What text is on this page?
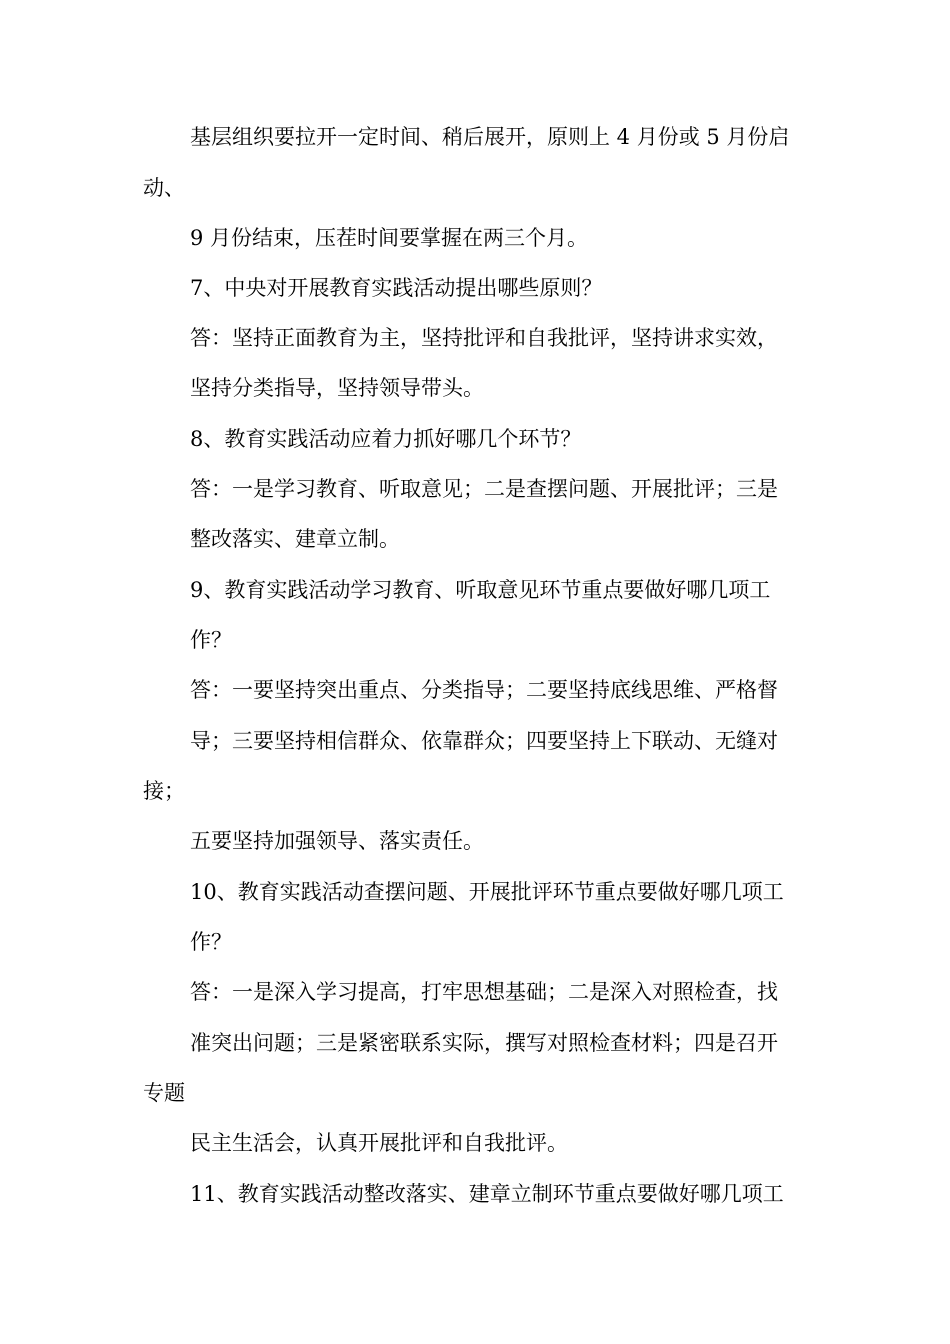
基层组织要拉开一定时间、稍后展开，原则上 4 月份或 5 月份启
动、
9 月份结束，压茬时间要掌握在两三个月。
7、中央对开展教育实践活动提出哪些原则？
答：坚持正面教育为主，坚持批评和自我批评，坚持讲求实效，
坚持分类指导，坚持领导带头。
8、教育实践活动应着力抓好哪几个环节？
答：一是学习教育、听取意见；二是查摆问题、开展批评；三是
整改落实、建章立制。
9、教育实践活动学习教育、听取意见环节重点要做好哪几项工
作？
答：一要坚持突出重点、分类指导；二要坚持底线思维、严格督
导；三要坚持相信群众、依靠群众；四要坚持上下联动、无缝对
接；
五要坚持加强领导、落实责任。
10、教育实践活动查摆问题、开展批评环节重点要做好哪几项工
作？
答：一是深入学习提高，打牢思想基础；二是深入对照检查，找
准突出问题；三是紧密联系实际，撰写对照检查材料；四是召开
专题
民主生活会，认真开展批评和自我批评。
11、教育实践活动整改落实、建章立制环节重点要做好哪几项工
